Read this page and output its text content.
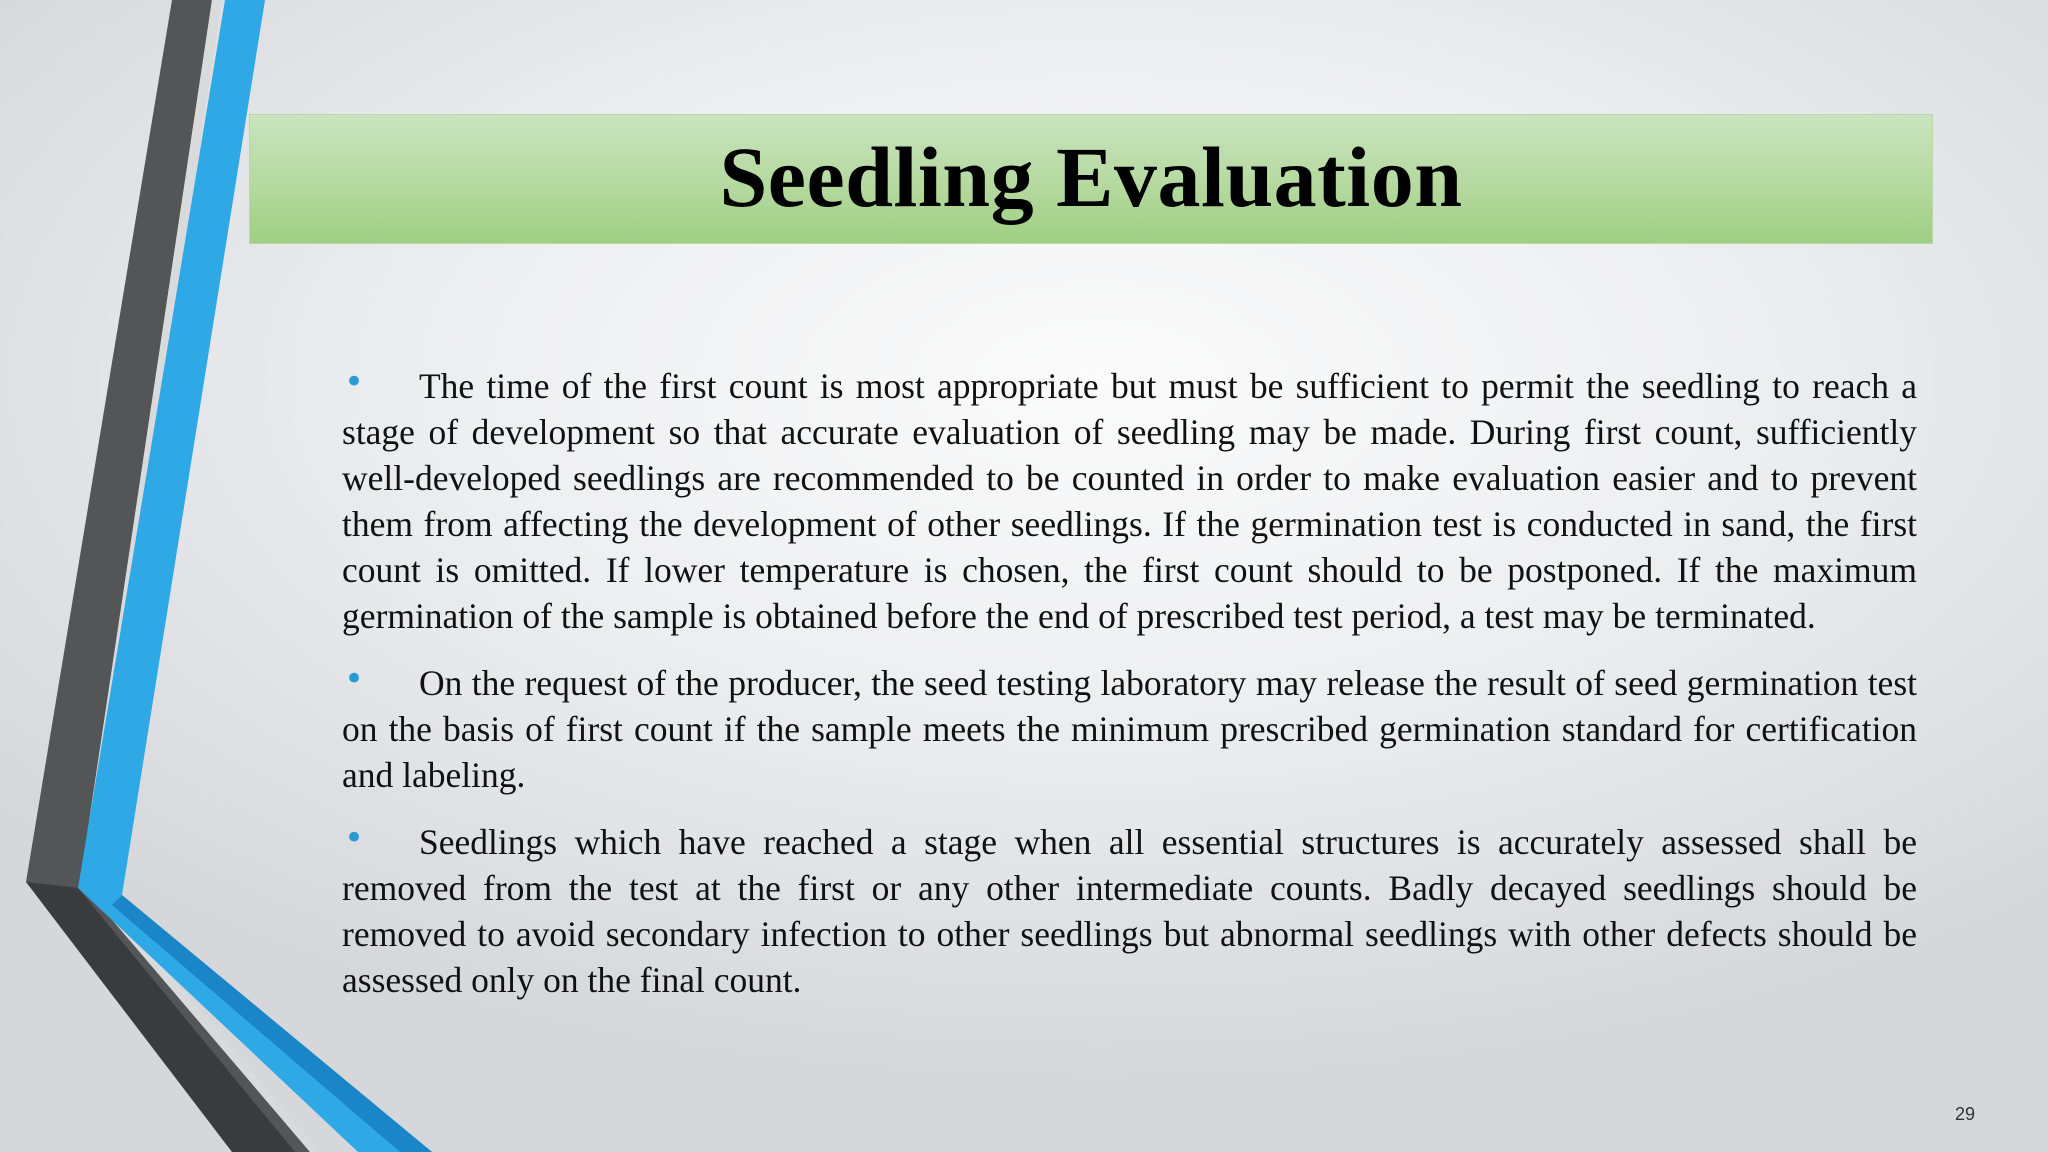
Seedling Evaluation

• The time of the first count is most appropriate but must be sufficient to permit the seedling to reach a stage of development so that accurate evaluation of seedling may be made. During first count, sufficiently well-developed seedlings are recommended to be counted in order to make evaluation easier and to prevent them from affecting the development of other seedlings. If the germination test is conducted in sand, the first count is omitted. If lower temperature is chosen, the first count should to be postponed. If the maximum germination of the sample is obtained before the end of prescribed test period, a test may be terminated.

• On the request of the producer, the seed testing laboratory may release the result of seed germination test on the basis of first count if the sample meets the minimum prescribed germination standard for certification and labeling.

• Seedlings which have reached a stage when all essential structures is accurately assessed shall be removed from the test at the first or any other intermediate counts. Badly decayed seedlings should be removed to avoid secondary infection to other seedlings but abnormal seedlings with other defects should be assessed only on the final count.

29
